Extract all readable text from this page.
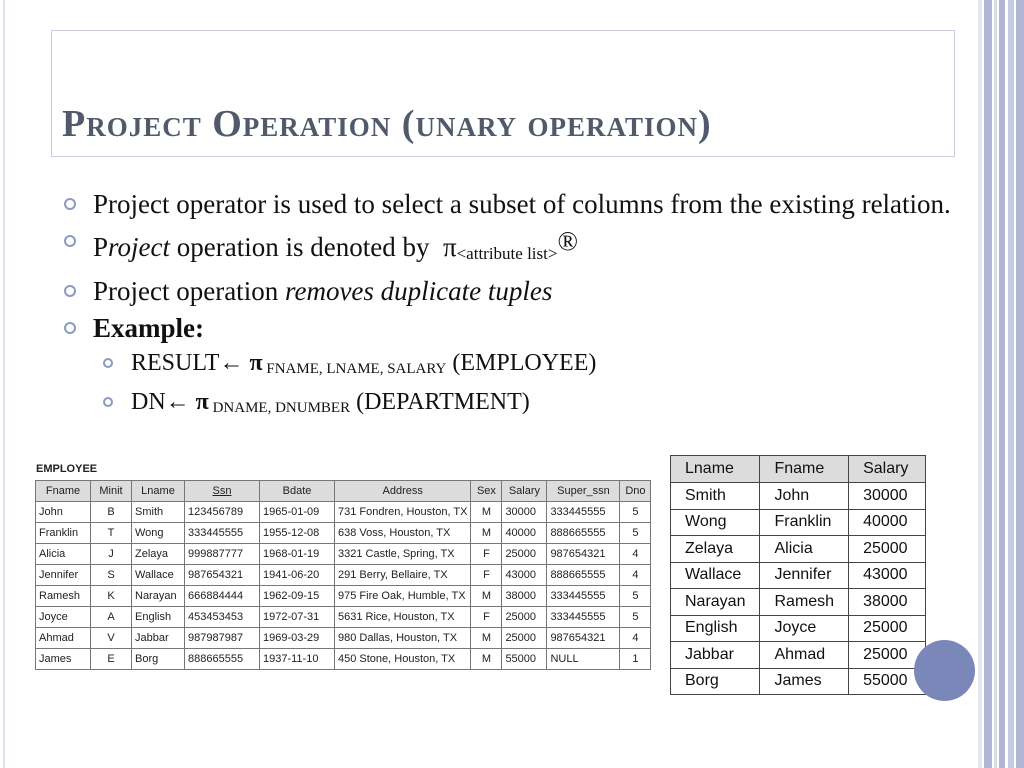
Project Operation (unary operation)
Project operator is used to select a subset of columns from the existing relation.
Project operation is denoted by  $\pi_{<attribute list>}®$
Project operation removes duplicate tuples
Example:
RESULT← π $_{FNAME, LNAME, SALARY}$ (EMPLOYEE)
DN← π $_{DNAME, DNUMBER}$ (DEPARTMENT)
EMPLOYEE
Fname	Minit	Lname	Ssn	Bdate	Address	Sex	Salary	Super_ssn	Dno
John	B	Smith	123456789	1965-01-09	731 Fondren, Houston, TX	M	30000	333445555	5
Franklin	T	Wong	333445555	1955-12-08	638 Voss, Houston, TX	M	40000	888665555	5
Alicia	J	Zelaya	999887777	1968-01-19	3321 Castle, Spring, TX	F	25000	987654321	4
Jennifer	S	Wallace	987654321	1941-06-20	291 Berry, Bellaire, TX	F	43000	888665555	4
Ramesh	K	Narayan	666884444	1962-09-15	975 Fire Oak, Humble, TX	M	38000	333445555	5
Joyce	A	English	453453453	1972-07-31	5631 Rice, Houston, TX	F	25000	333445555	5
Ahmad	V	Jabbar	987987987	1969-03-29	980 Dallas, Houston, TX	M	25000	987654321	4
James	E	Borg	888665555	1937-11-10	450 Stone, Houston, TX	M	55000	NULL	1
Lname	Fname	Salary
Smith	John	30000
Wong	Franklin	40000
Zelaya	Alicia	25000
Wallace	Jennifer	43000
Narayan	Ramesh	38000
English	Joyce	25000
Jabbar	Ahmad	25000
Borg	James	55000
